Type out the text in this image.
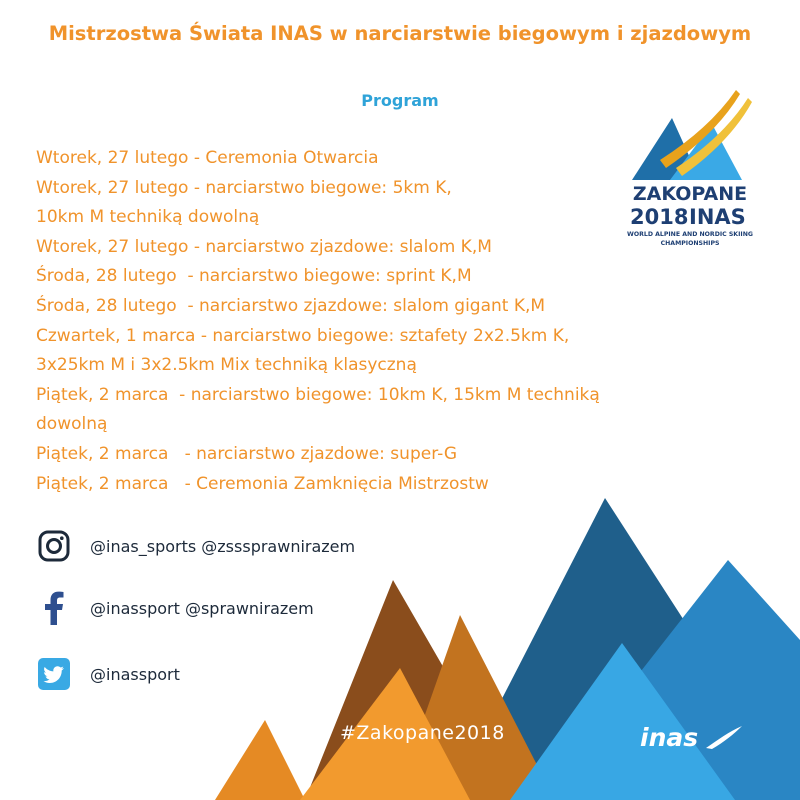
Mistrzostwa Świata INAS w narciarstwie biegowym i zjazdowym
Program
Wtorek, 27 lutego - Ceremonia Otwarcia
Wtorek, 27 lutego - narciarstwo biegowe: 5km K,
10km M techniką dowolną
Wtorek, 27 lutego - narciarstwo zjazdowe: slalom K,M
Środa, 28 lutego  - narciarstwo biegowe: sprint K,M
Środa, 28 lutego  - narciarstwo zjazdowe: slalom gigant K,M
Czwartek, 1 marca - narciarstwo biegowe: sztafety 2x2.5km K,
3x25km M i 3x2.5km Mix techniką klasyczną
Piątek, 2 marca  - narciarstwo biegowe: 10km K, 15km M techniką
dowolną
Piątek, 2 marca   - narciarstwo zjazdowe: super-G
Piątek, 2 marca   - Ceremonia Zamknięcia Mistrzostw
ZAKOPANE
2018 INAS
WORLD ALPINE AND NORDIC SKIING
CHAMPIONSHIPS
@inas_sports @zsssprawnirazem
@inassport @sprawnirazem
@inassport
#Zakopane2018	inas
